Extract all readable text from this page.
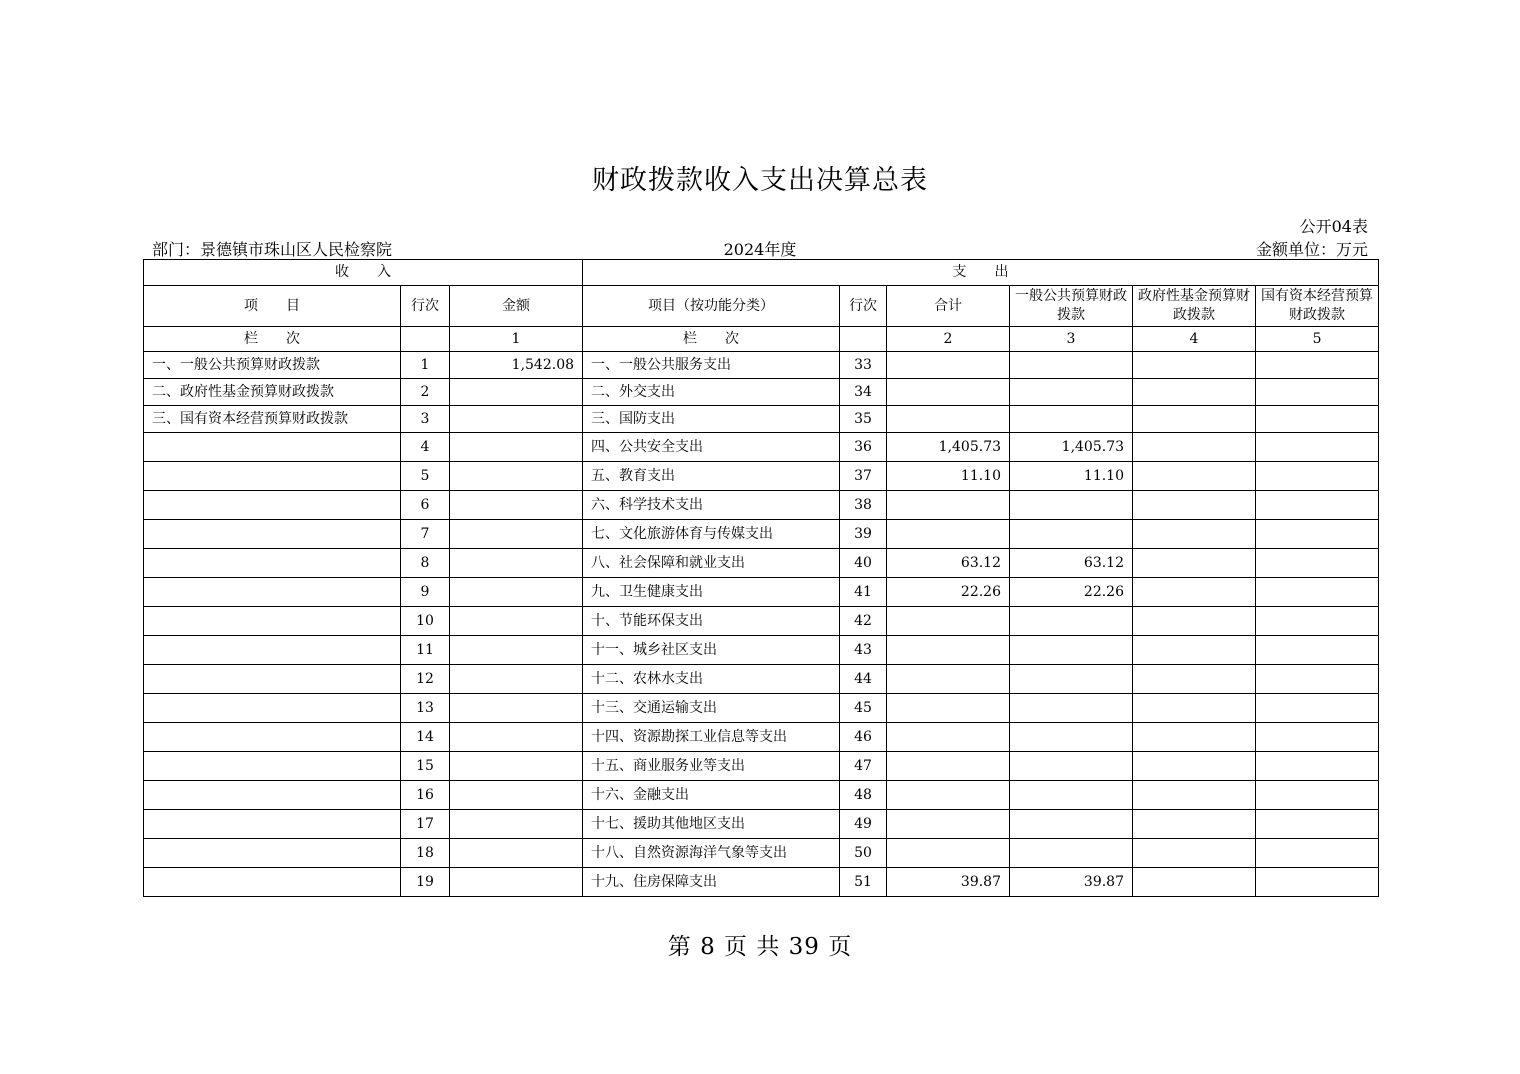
财政拨款收入支出决算总表
公开04表
部门：景德镇市珠山区人民检察院	2024年度	金额单位：万元
收　　入			支　　出					
项　　目	行次	金额	项目（按功能分类）	行次	合计	一般公共预算财政拨款	政府性基金预算财政拨款	国有资本经营预算财政拨款
栏　　次		1	栏　　次		2	3	4	5
一、一般公共预算财政拨款	1	1,542.08	一、一般公共服务支出	33				
二、政府性基金预算财政拨款	2		二、外交支出	34				
三、国有资本经营预算财政拨款	3		三、国防支出	35				
	4		四、公共安全支出	36	1,405.73	1,405.73		
	5		五、教育支出	37	11.10	11.10		
	6		六、科学技术支出	38				
	7		七、文化旅游体育与传媒支出	39				
	8		八、社会保障和就业支出	40	63.12	63.12		
	9		九、卫生健康支出	41	22.26	22.26		
	10		十、节能环保支出	42				
	11		十一、城乡社区支出	43				
	12		十二、农林水支出	44				
	13		十三、交通运输支出	45				
	14		十四、资源勘探工业信息等支出	46				
	15		十五、商业服务业等支出	47				
	16		十六、金融支出	48				
	17		十七、援助其他地区支出	49				
	18		十八、自然资源海洋气象等支出	50				
	19		十九、住房保障支出	51	39.87	39.87		
第 8 页 共 39 页
